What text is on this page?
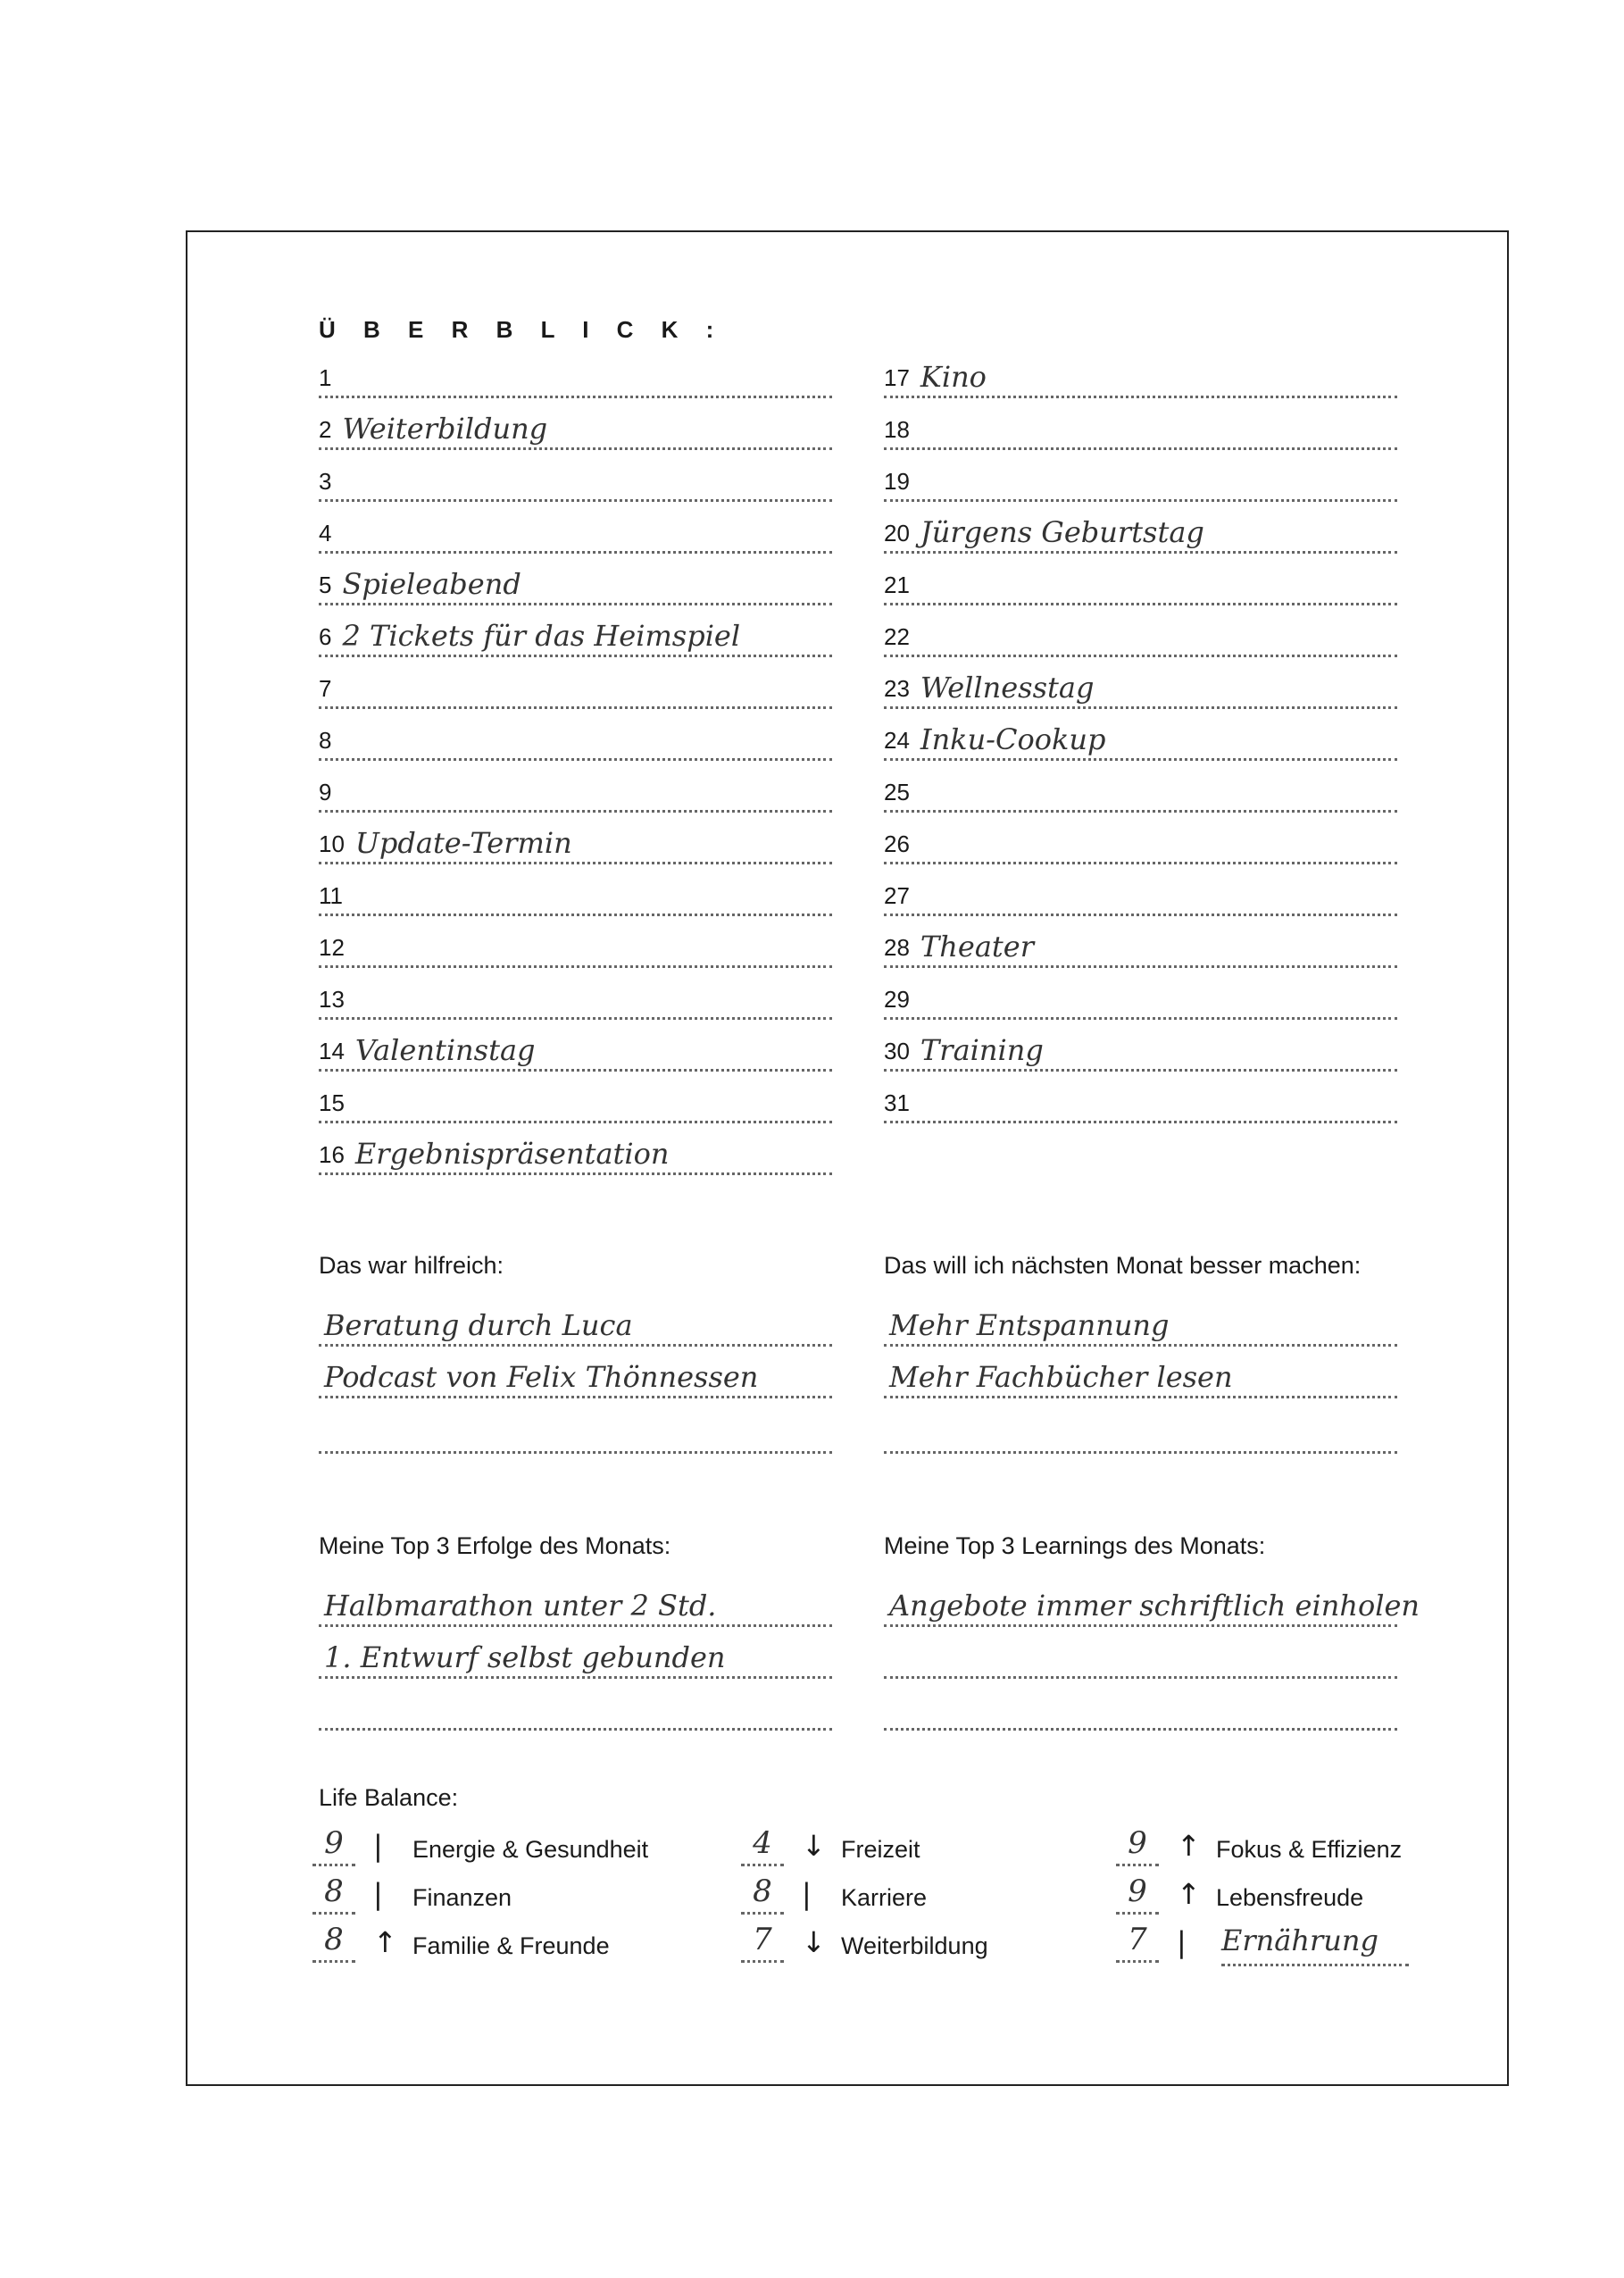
Ü B E R B L I C K :
1
2 Weiterbildung
3
4
5 Spieleabend
6 2 Tickets für das Heimspiel
7
8
9
10 Update-Termin
11
12
13
14 Valentinstag
15
16 Ergebnispräsentation
17 Kino
18
19
20 Jürgens Geburtstag
21
22
23 Wellnesstag
24 Inku-Cookup
25
26
27
28 Theater
29
30 Training
31
Das war hilfreich:
Beratung durch Luca
Podcast von Felix Thönnessen
Das will ich nächsten Monat besser machen:
Mehr Entspannung
Mehr Fachbücher lesen
Meine Top 3 Erfolge des Monats:
Halbmarathon unter 2 Std.
1. Entwurf selbst gebunden
Meine Top 3 Learnings des Monats:
Angebote immer schriftlich einholen
Life Balance:
9	| Energie & Gesundheit
8	| Finanzen
8	↑ Familie & Freunde
4	↓ Freizeit
8	| Karriere
7	↓ Weiterbildung
9	↑ Fokus & Effizienz
9	↑ Lebensfreude
7	| Ernährung
